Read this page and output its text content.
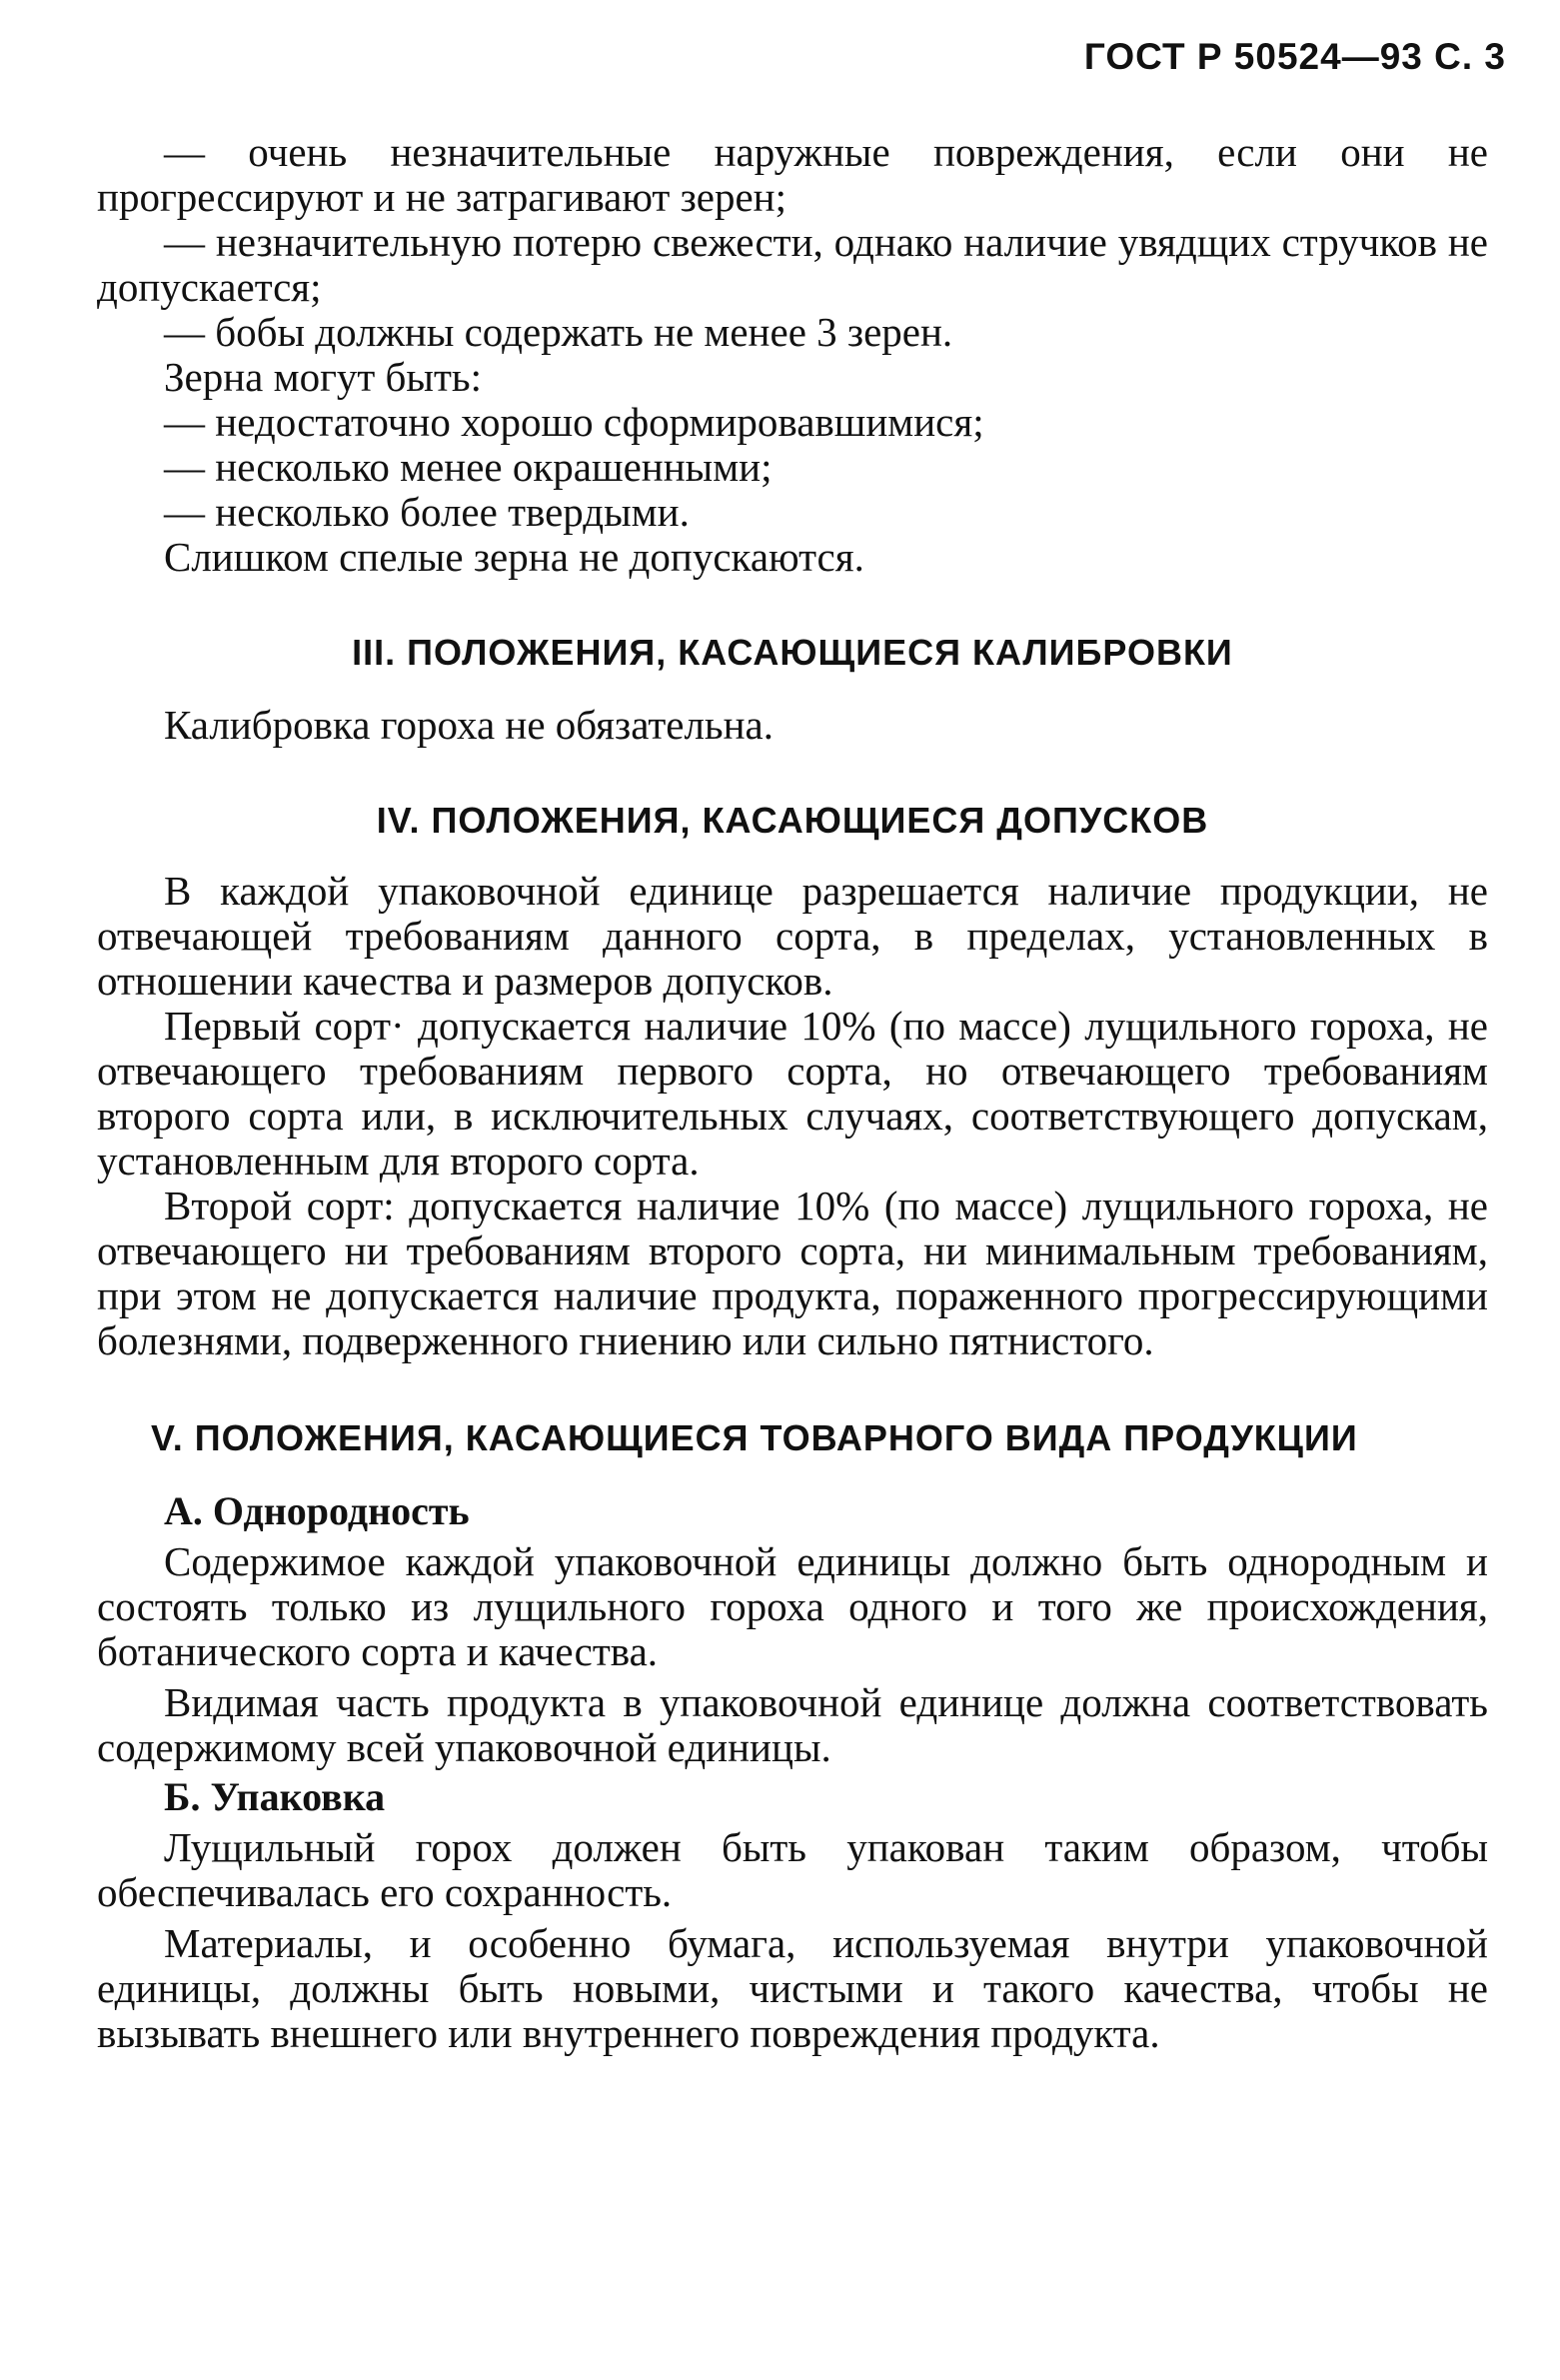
ГОСТ Р 50524—93 С. 3

— очень незначительные наружные повреждения, если они не прогрессируют и не затрагивают зерен;

— незначительную потерю свежести, однако наличие увядщих стручков не допускается;

— бобы должны содержать не менее 3 зерен.

Зерна могут быть:

— недостаточно хорошо сформировавшимися;

— несколько менее окрашенными;

— несколько более твердыми.

Слишком спелые зерна не допускаются.

III. ПОЛОЖЕНИЯ, КАСАЮЩИЕСЯ КАЛИБРОВКИ

Калибровка гороха не обязательна.

IV. ПОЛОЖЕНИЯ, КАСАЮЩИЕСЯ ДОПУСКОВ

В каждой упаковочной единице разрешается наличие продукции, не отвечающей требованиям данного сорта, в пределах, установленных в отношении качества и размеров допусков.

Первый сорт· допускается наличие 10% (по массе) лущильного гороха, не отвечающего требованиям первого сорта, но отвечающего требованиям второго сорта или, в исключительных случаях, соответствующего допускам, установленным для второго сорта.

Второй сорт: допускается наличие 10% (по массе) лущильного гороха, не отвечающего ни требованиям второго сорта, ни минимальным требованиям, при этом не допускается наличие продукта, пораженного прогрессирующими болезнями, подверженного гниению или сильно пятнистого.

V. ПОЛОЖЕНИЯ, КАСАЮЩИЕСЯ ТОВАРНОГО ВИДА ПРОДУКЦИИ
А. Однородность

Содержимое каждой упаковочной единицы должно быть однородным и состоять только из лущильного гороха одного и того же происхождения, ботанического сорта и качества.

Видимая часть продукта в упаковочной единице должна соответствовать содержимому всей упаковочной единицы.

Б. Упаковка

Лущильный горох должен быть упакован таким образом, чтобы обеспечивалась его сохранность.

Материалы, и особенно бумага, используемая внутри упаковочной единицы, должны быть новыми, чистыми и такого качества, чтобы не вызывать внешнего или внутреннего повреждения продукта.
